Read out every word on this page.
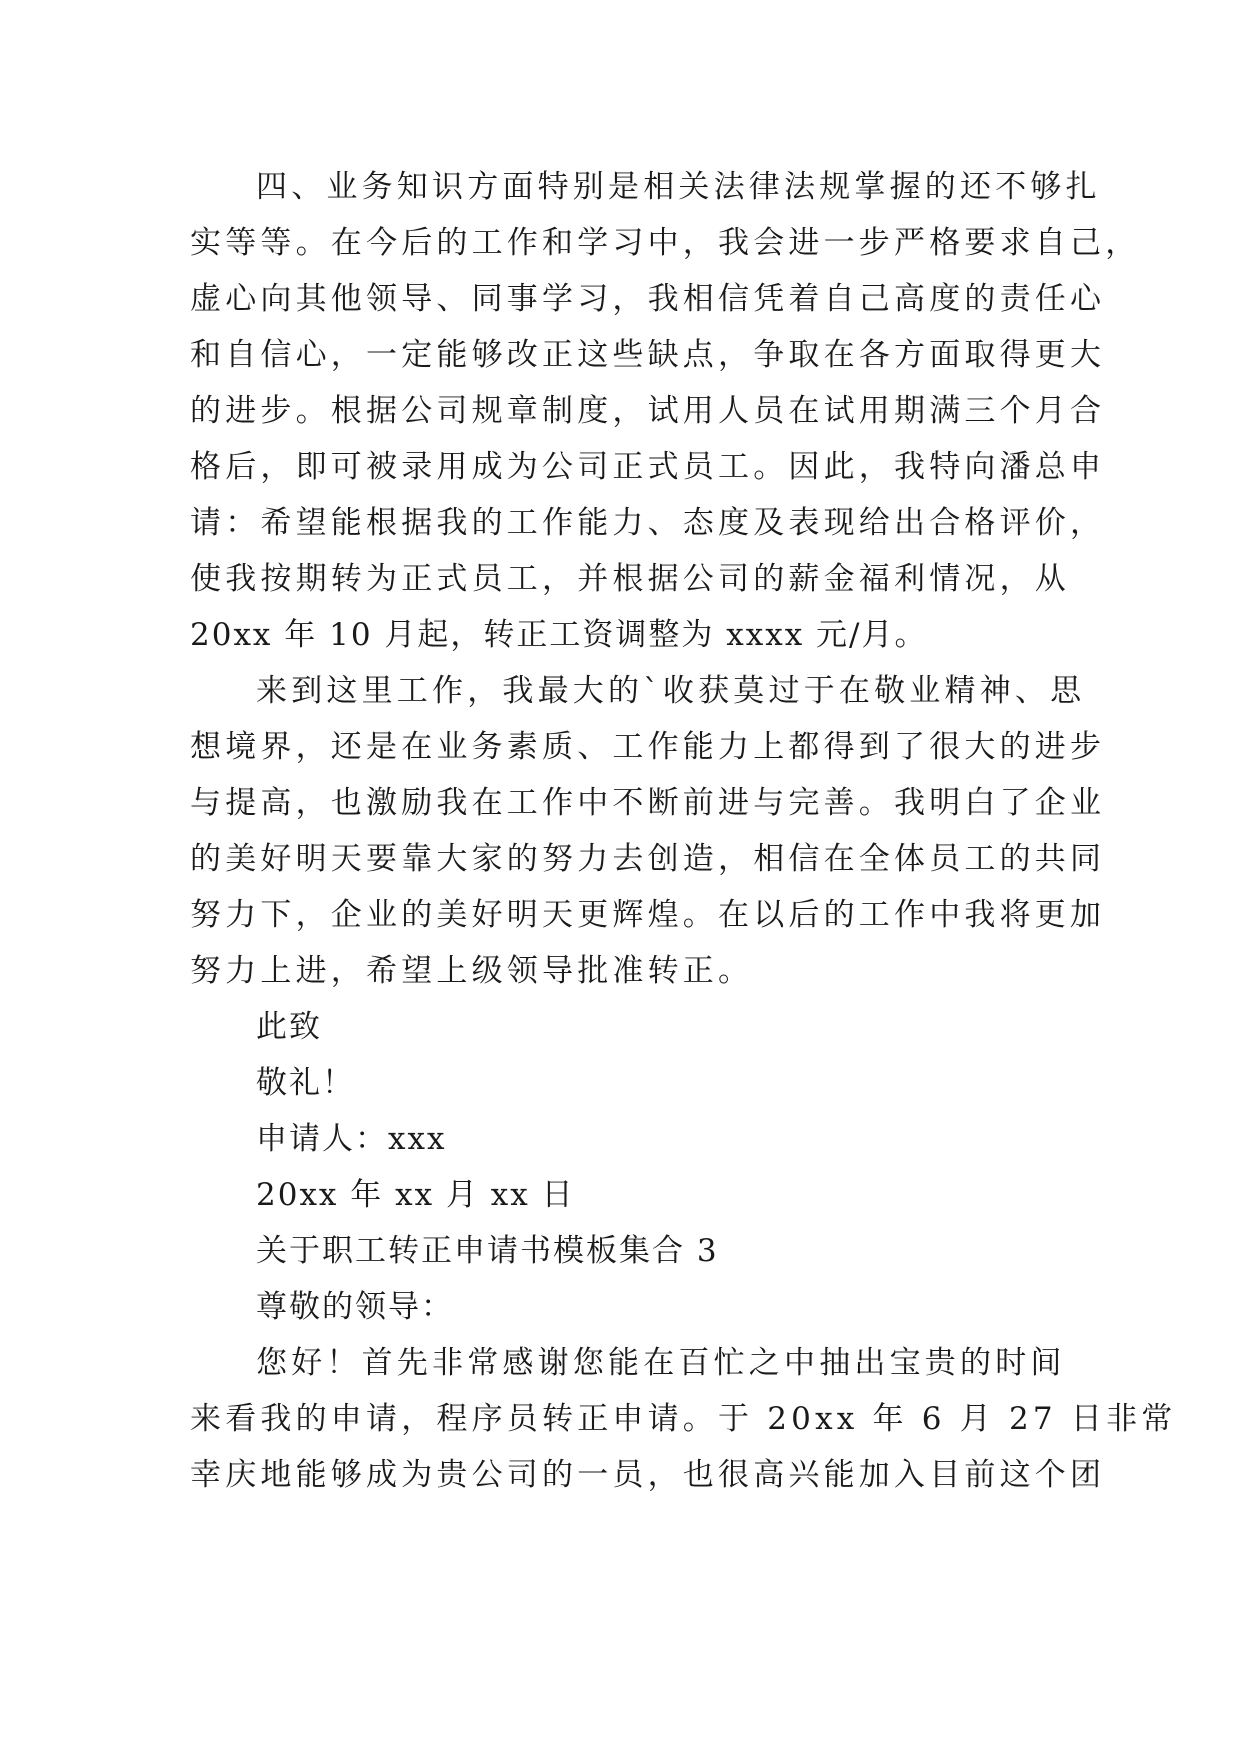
四、业务知识方面特别是相关法律法规掌握的还不够扎
实等等。在今后的工作和学习中，我会进一步严格要求自己，
虚心向其他领导、同事学习，我相信凭着自己高度的责任心
和自信心，一定能够改正这些缺点，争取在各方面取得更大
的进步。根据公司规章制度，试用人员在试用期满三个月合
格后，即可被录用成为公司正式员工。因此，我特向潘总申
请：希望能根据我的工作能力、态度及表现给出合格评价，
使我按期转为正式员工，并根据公司的薪金福利情况，从
20xx 年 10 月起，转正工资调整为 xxxx 元/月。
来到这里工作，我最大的`收获莫过于在敬业精神、思
想境界，还是在业务素质、工作能力上都得到了很大的进步
与提高，也激励我在工作中不断前进与完善。我明白了企业
的美好明天要靠大家的努力去创造，相信在全体员工的共同
努力下，企业的美好明天更辉煌。在以后的工作中我将更加
努力上进，希望上级领导批准转正。
此致
敬礼！
申请人：xxx
20xx 年 xx 月 xx 日
关于职工转正申请书模板集合 3
尊敬的领导：
您好！首先非常感谢您能在百忙之中抽出宝贵的时间
来看我的申请，程序员转正申请。于 20xx 年 6 月 27 日非常
幸庆地能够成为贵公司的一员，也很高兴能加入目前这个团
